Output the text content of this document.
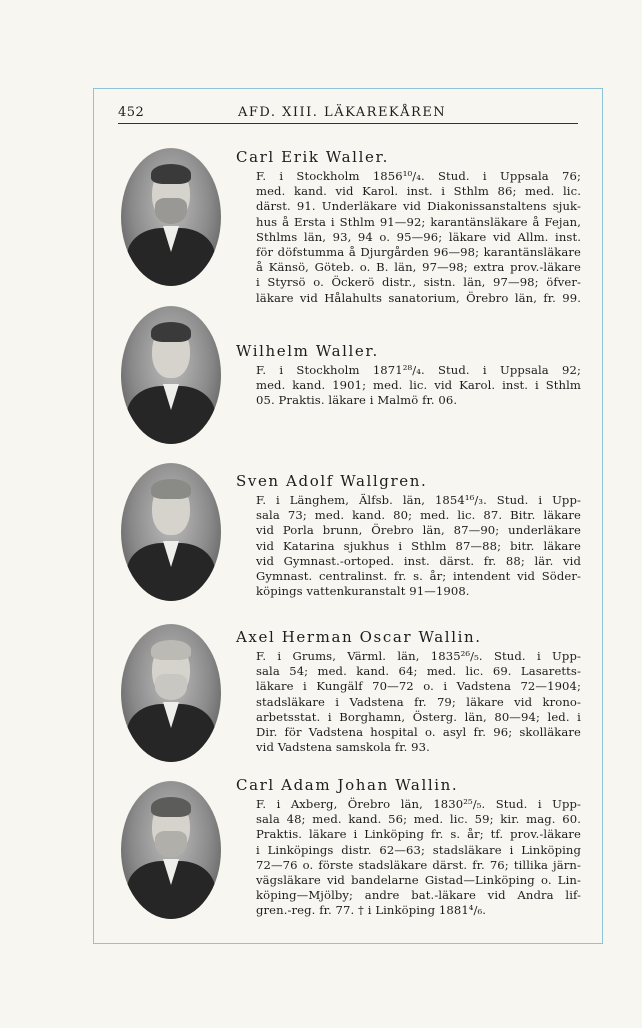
452	AFD. XIII. LÄKAREKÅREN
Carl Erik Waller.
F. i Stockholm 1856¹⁰/₄. Stud. i Uppsala 76;
med. kand. vid Karol. inst. i Sthlm 86; med. lic.
därst. 91. Underläkare vid Diakonissanstaltens sjuk-
hus å Ersta i Sthlm 91—92; karantänsläkare å Fejan,
Sthlms län, 93, 94 o. 95—96; läkare vid Allm. inst.
för döfstumma å Djurgården 96—98; karantänsläkare
å Känsö, Göteb. o. B. län, 97—98; extra prov.-läkare
i Styrsö o. Öckerö distr., sistn. län, 97—98; öfver-
läkare vid Hålahults sanatorium, Örebro län, fr. 99.
Wilhelm Waller.
F. i Stockholm 1871²⁸/₄. Stud. i Uppsala 92;
med. kand. 1901; med. lic. vid Karol. inst. i Sthlm
05. Praktis. läkare i Malmö fr. 06.
Sven Adolf Wallgren.
F. i Länghem, Älfsb. län, 1854¹⁶/₃. Stud. i Upp-
sala 73; med. kand. 80; med. lic. 87. Bitr. läkare
vid Porla brunn, Örebro län, 87—90; underläkare
vid Katarina sjukhus i Sthlm 87—88; bitr. läkare
vid Gymnast.-ortoped. inst. därst. fr. 88; lär. vid
Gymnast. centralinst. fr. s. år; intendent vid Söder-
köpings vattenkuranstalt 91—1908.
Axel Herman Oscar Wallin.
F. i Grums, Värml. län, 1835²⁶/₅. Stud. i Upp-
sala 54; med. kand. 64; med. lic. 69. Lasaretts-
läkare i Kungälf 70—72 o. i Vadstena 72—1904;
stadsläkare i Vadstena fr. 79; läkare vid krono-
arbetsstat. i Borghamn, Österg. län, 80—94; led. i
Dir. för Vadstena hospital o. asyl fr. 96; skolläkare
vid Vadstena samskola fr. 93.
Carl Adam Johan Wallin.
F. i Axberg, Örebro län, 1830²⁵/₅. Stud. i Upp-
sala 48; med. kand. 56; med. lic. 59; kir. mag. 60.
Praktis. läkare i Linköping fr. s. år; tf. prov.-läkare
i Linköpings distr. 62—63; stadsläkare i Linköping
72—76 o. förste stadsläkare därst. fr. 76; tillika järn-
vägsläkare vid bandelarne Gistad—Linköping o. Lin-
köping—Mjölby; andre bat.-läkare vid Andra lif-
gren.-reg. fr. 77. † i Linköping 1881⁴/₆.
